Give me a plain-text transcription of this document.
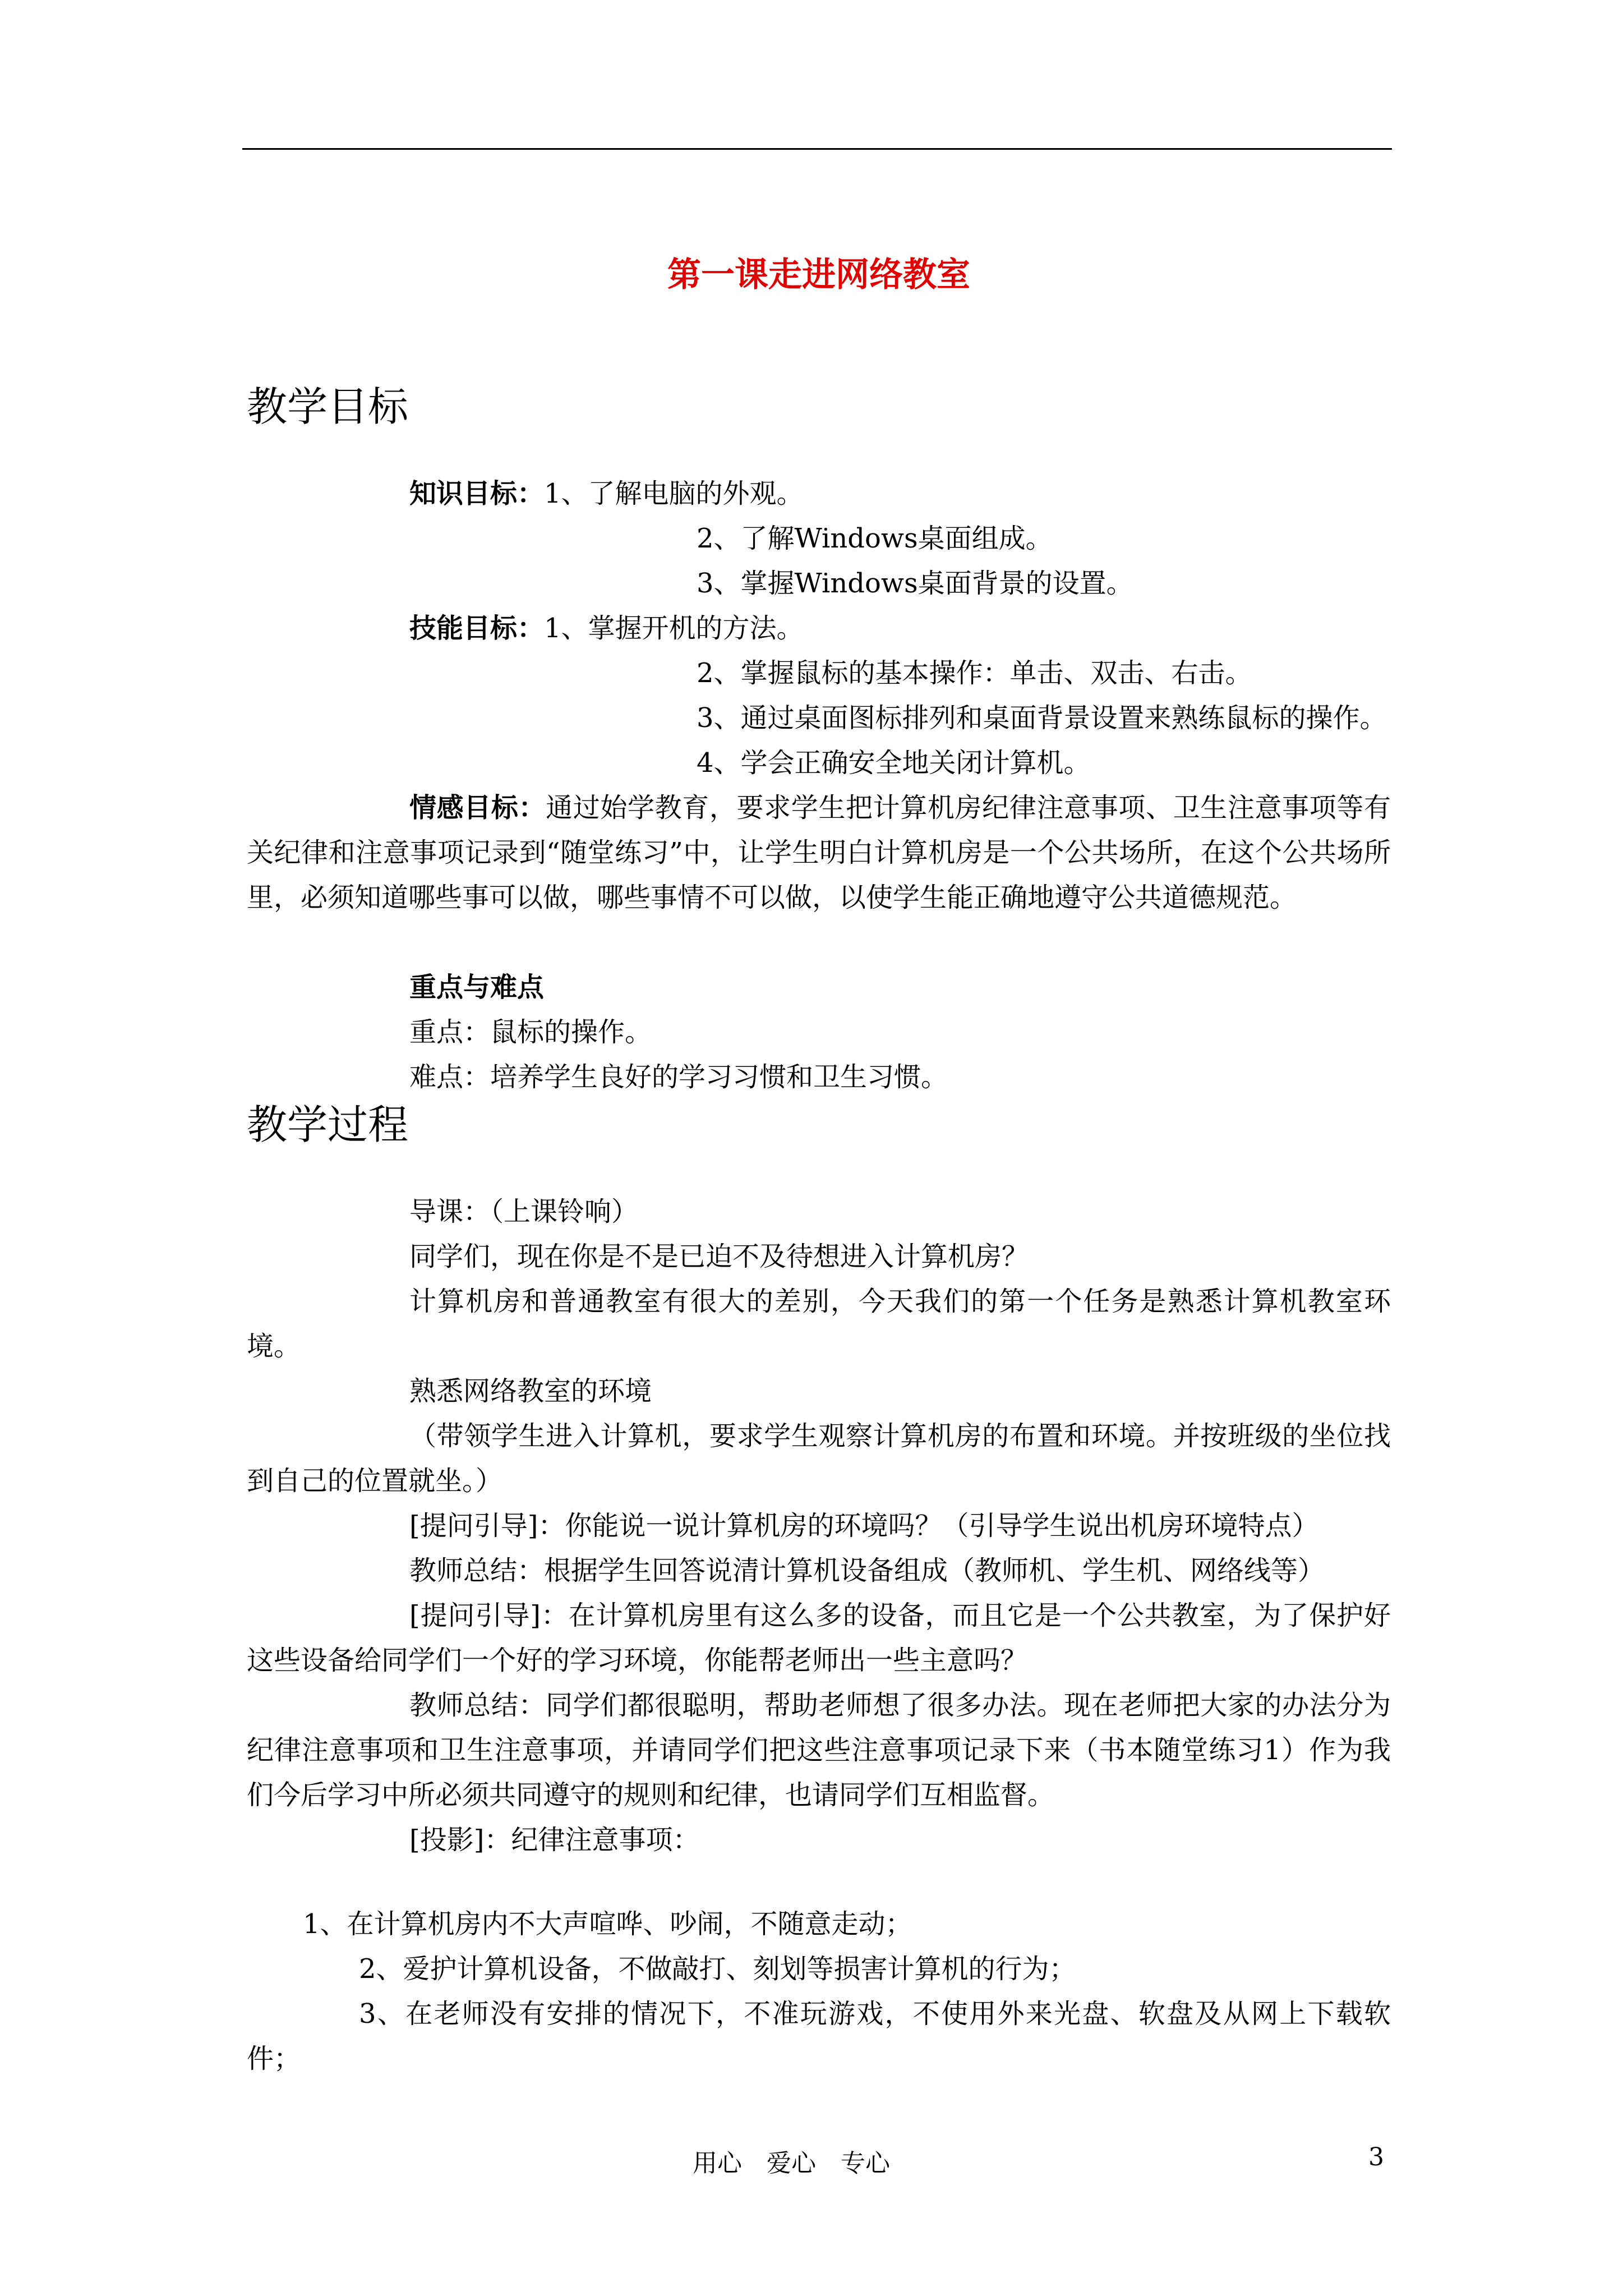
第一课走进网络教室
教学目标
知识目标：1、了解电脑的外观。
2、了解Windows桌面组成。
3、掌握Windows桌面背景的设置。
技能目标：1、掌握开机的方法。
2、掌握鼠标的基本操作：单击、双击、右击。
3、通过桌面图标排列和桌面背景设置来熟练鼠标的操作。
4、学会正确安全地关闭计算机。
情感目标：通过始学教育，要求学生把计算机房纪律注意事项、卫生注意事项等有关纪律和注意事项记录到“随堂练习”中，让学生明白计算机房是一个公共场所，在这个公共场所里，必须知道哪些事可以做，哪些事情不可以做，以使学生能正确地遵守公共道德规范。
重点与难点
重点：鼠标的操作。
难点：培养学生良好的学习习惯和卫生习惯。
教学过程
导课：（上课铃响）
同学们，现在你是不是已迫不及待想进入计算机房？
计算机房和普通教室有很大的差别，今天我们的第一个任务是熟悉计算机教室环境。
熟悉网络教室的环境
（带领学生进入计算机，要求学生观察计算机房的布置和环境。并按班级的坐位找到自己的位置就坐。）
[提问引导]：你能说一说计算机房的环境吗？（引导学生说出机房环境特点）
教师总结：根据学生回答说清计算机设备组成（教师机、学生机、网络线等）
[提问引导]：在计算机房里有这么多的设备，而且它是一个公共教室，为了保护好这些设备给同学们一个好的学习环境，你能帮老师出一些主意吗？
教师总结：同学们都很聪明，帮助老师想了很多办法。现在老师把大家的办法分为纪律注意事项和卫生注意事项，并请同学们把这些注意事项记录下来（书本随堂练习1）作为我们今后学习中所必须共同遵守的规则和纪律，也请同学们互相监督。
[投影]：纪律注意事项：
1、在计算机房内不大声喧哗、吵闹，不随意走动；
2、爱护计算机设备，不做敲打、刻划等损害计算机的行为；
3、在老师没有安排的情况下，不准玩游戏，不使用外来光盘、软盘及从网上下载软件；
用心　爱心　专心	3
